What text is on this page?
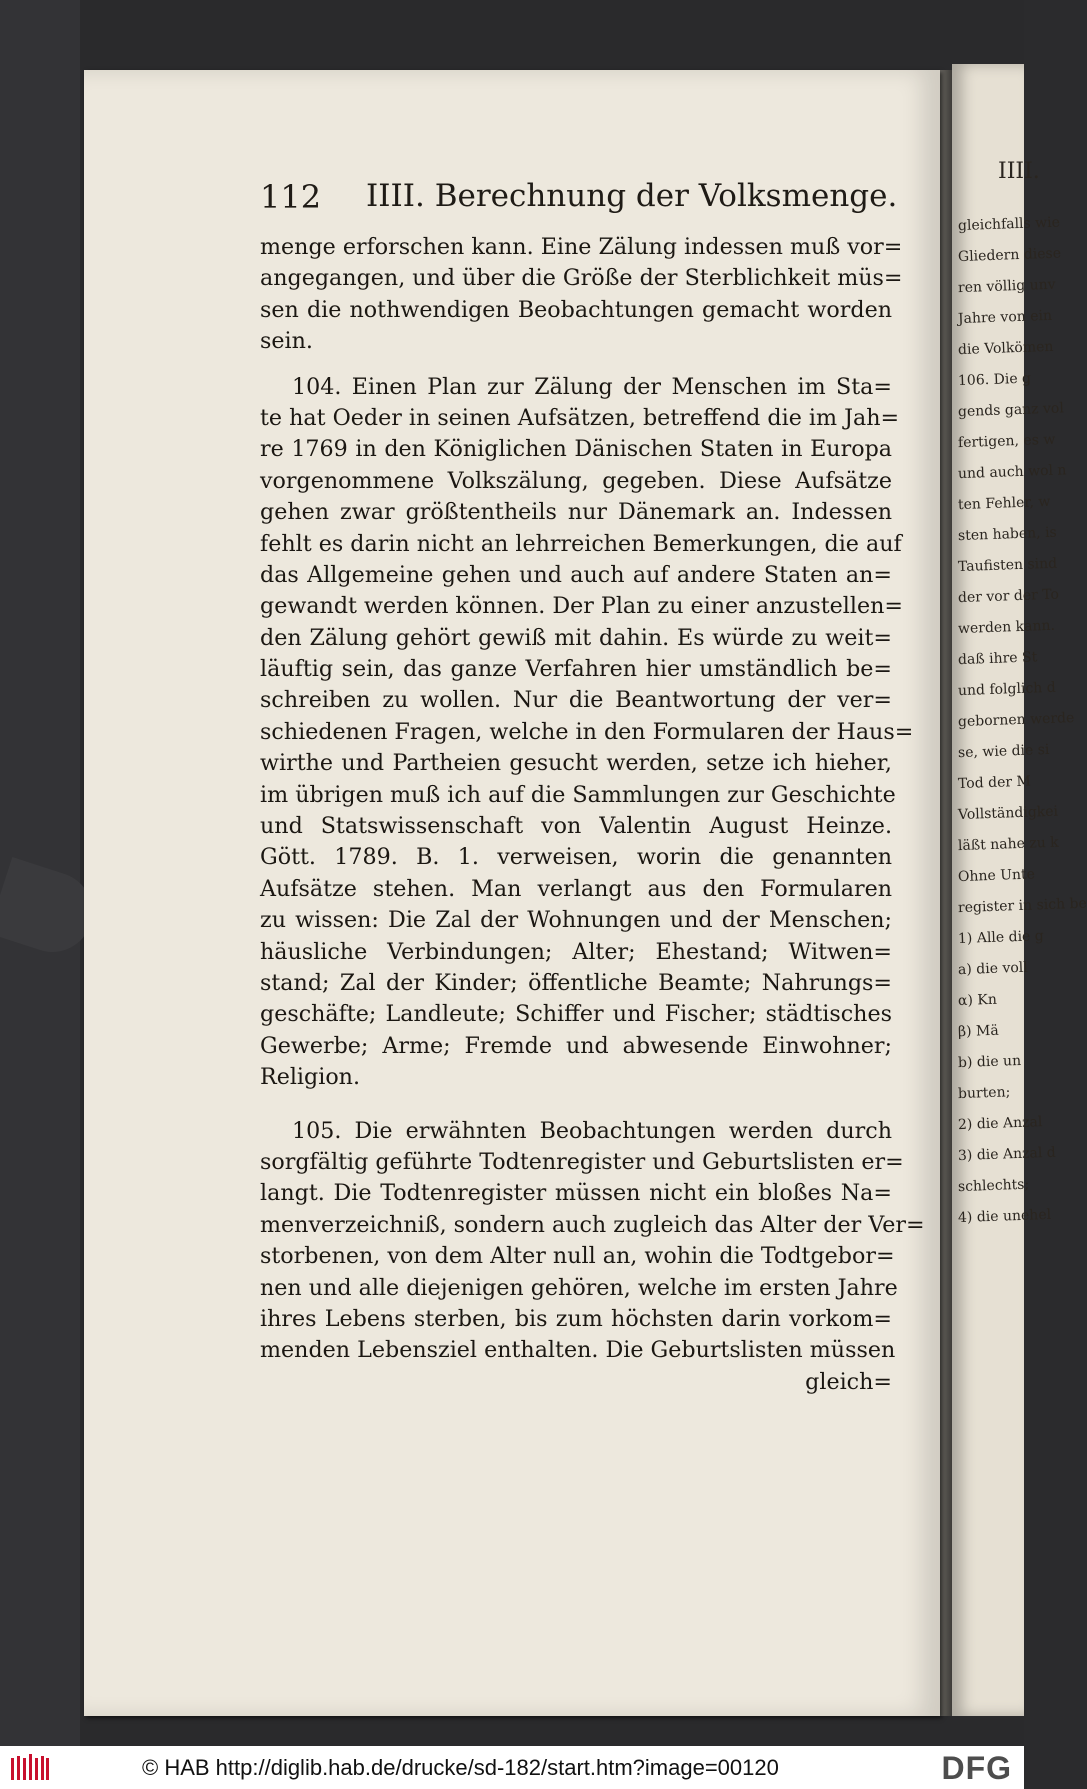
IIII.
gleichfalls wie
Gliedern diese
ren völlig unv
Jahre von ein
die Volkömen
106. Die g
gends ganz vol
fertigen, es w
und auch wol n
ten Fehler, w
sten haben, is
Taufisten sind
der vor der To
werden kann.
daß ihre St
und folglich d
gebornen werde
se, wie die si
Tod der M
Vollständigkei
läßt nahe zu k
Ohne Unte
register in sich be
1) Alle die g
a) die voll
α) Kn
β) Mä
b) die un
burten;
2) die Anzal
3) die Anzal d
schlechts;
4) die unehel
112 IIII. Berechnung der Volksmenge.
menge erforschen kann. Eine Zälung indessen muß vor=
angegangen, und über die Größe der Sterblichkeit müs=
sen die nothwendigen Beobachtungen gemacht worden
sein.
104. Einen Plan zur Zälung der Menschen im Sta=
te hat Oeder in seinen Aufsätzen, betreffend die im Jah=
re 1769 in den Königlichen Dänischen Staten in Europa
vorgenommene Volkszälung, gegeben. Diese Aufsätze
gehen zwar größtentheils nur Dänemark an. Indessen
fehlt es darin nicht an lehrreichen Bemerkungen, die auf
das Allgemeine gehen und auch auf andere Staten an=
gewandt werden können. Der Plan zu einer anzustellen=
den Zälung gehört gewiß mit dahin. Es würde zu weit=
läuftig sein, das ganze Verfahren hier umständlich be=
schreiben zu wollen. Nur die Beantwortung der ver=
schiedenen Fragen, welche in den Formularen der Haus=
wirthe und Partheien gesucht werden, setze ich hieher,
im übrigen muß ich auf die Sammlungen zur Geschichte
und Statswissenschaft von Valentin August Heinze.
Gött. 1789. B. 1. verweisen, worin die genannten
Aufsätze stehen. Man verlangt aus den Formularen
zu wissen: Die Zal der Wohnungen und der Menschen;
häusliche Verbindungen; Alter; Ehestand; Witwen=
stand; Zal der Kinder; öffentliche Beamte; Nahrungs=
geschäfte; Landleute; Schiffer und Fischer; städtisches
Gewerbe; Arme; Fremde und abwesende Einwohner;
Religion.
105. Die erwähnten Beobachtungen werden durch
sorgfältig geführte Todtenregister und Geburtslisten er=
langt. Die Todtenregister müssen nicht ein bloßes Na=
menverzeichniß, sondern auch zugleich das Alter der Ver=
storbenen, von dem Alter null an, wohin die Todtgebor=
nen und alle diejenigen gehören, welche im ersten Jahre
ihres Lebens sterben, bis zum höchsten darin vorkom=
menden Lebensziel enthalten. Die Geburtslisten müssen
gleich=
© HAB http://diglib.hab.de/drucke/sd-182/start.htm?image=00120	DFG
